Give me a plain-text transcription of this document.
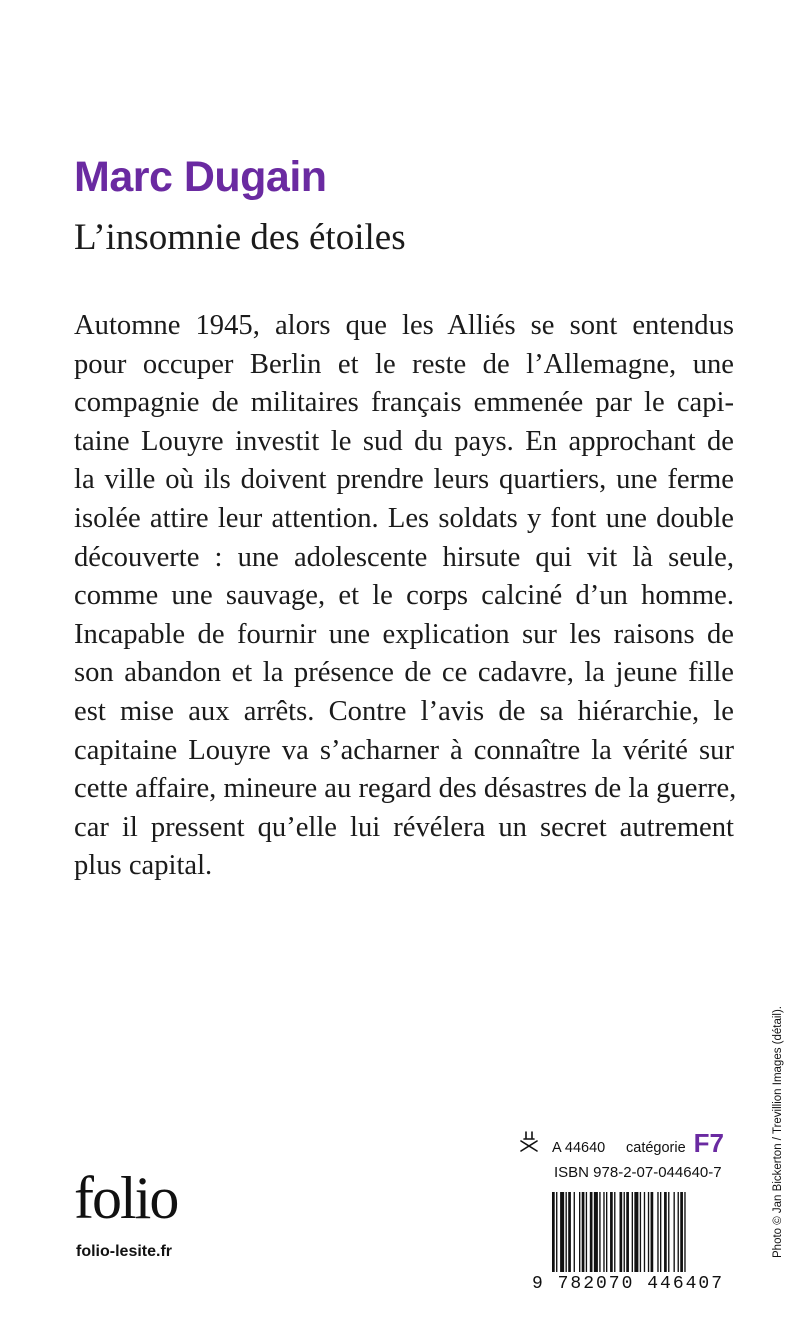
Marc Dugain
L’insomnie des étoiles
Automne 1945, alors que les Alliés se sont entendus
pour occuper Berlin et le reste de l’Allemagne, une
compagnie de militaires français emmenée par le capi-
taine Louyre investit le sud du pays. En approchant de
la ville où ils doivent prendre leurs quartiers, une ferme
isolée attire leur attention. Les soldats y font une double
découverte : une adolescente hirsute qui vit là seule,
comme une sauvage, et le corps calciné d’un homme.
Incapable de fournir une explication sur les raisons de
son abandon et la présence de ce cadavre, la jeune fille
est mise aux arrêts. Contre l’avis de sa hiérarchie, le
capitaine Louyre va s’acharner à connaître la vérité sur
cette affaire, mineure au regard des désastres de la guerre,
car il pressent qu’elle lui révélera un secret autrement
plus capital.
folio
folio-lesite.fr
A 44640	catégorie F7
ISBN 978-2-07-044640-7
9 782070 446407
Photo © Jan Bickerton / Trevillion Images (détail).
